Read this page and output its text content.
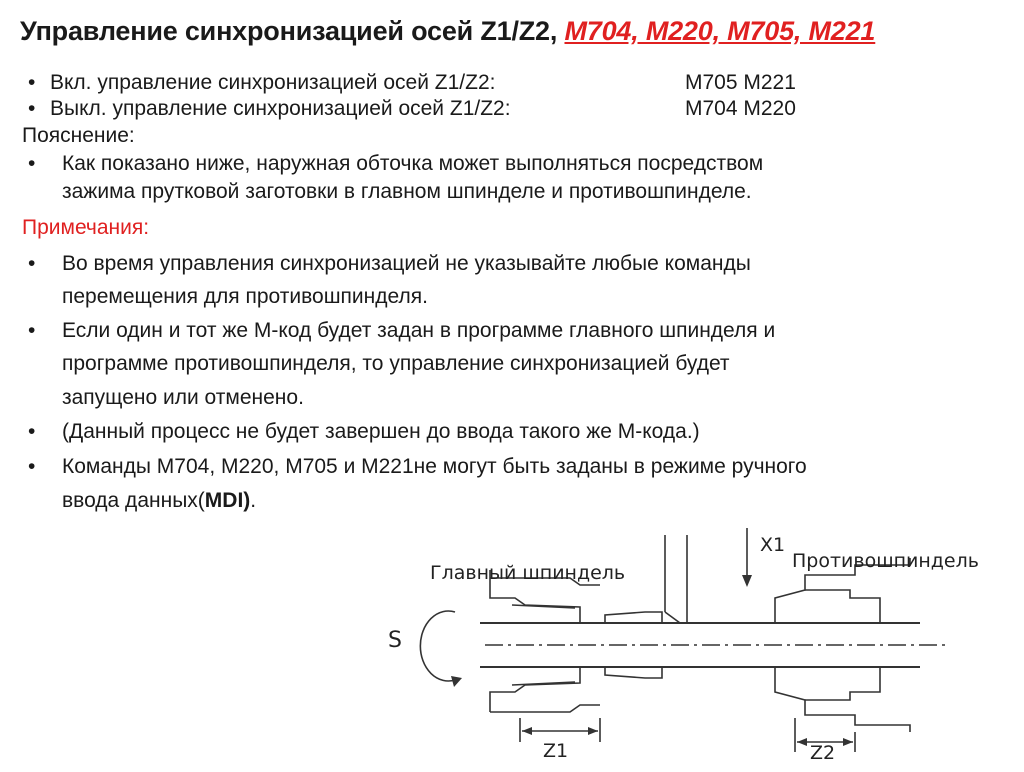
Управление синхронизацией осей Z1/Z2, M704, M220, M705, M221
• Вкл. управление синхронизацией осей Z1/Z2:	M705 M221
• Выкл. управление синхронизацией осей Z1/Z2:	M704 M220
Пояснение:
• Как показано ниже, наружная обточка может выполняться посредством
зажима прутковой заготовки в главном шпинделе и противошпинделе.
Примечания:
• Во время управления синхронизацией не указывайте любые команды
перемещения для противошпинделя.
• Если один и тот же М-код будет задан в программе главного шпинделя и
программе противошпинделя, то управление синхронизацией будет
запущено или отменено.
• (Данный процесс не будет завершен до ввода такого же М-кода.)
• Команды M704, M220, M705 и M221не могут быть заданы в режиме ручного
ввода данных(MDI).
Главный шпиндель
X1
Противошпиндель
S
Z1	Z2
